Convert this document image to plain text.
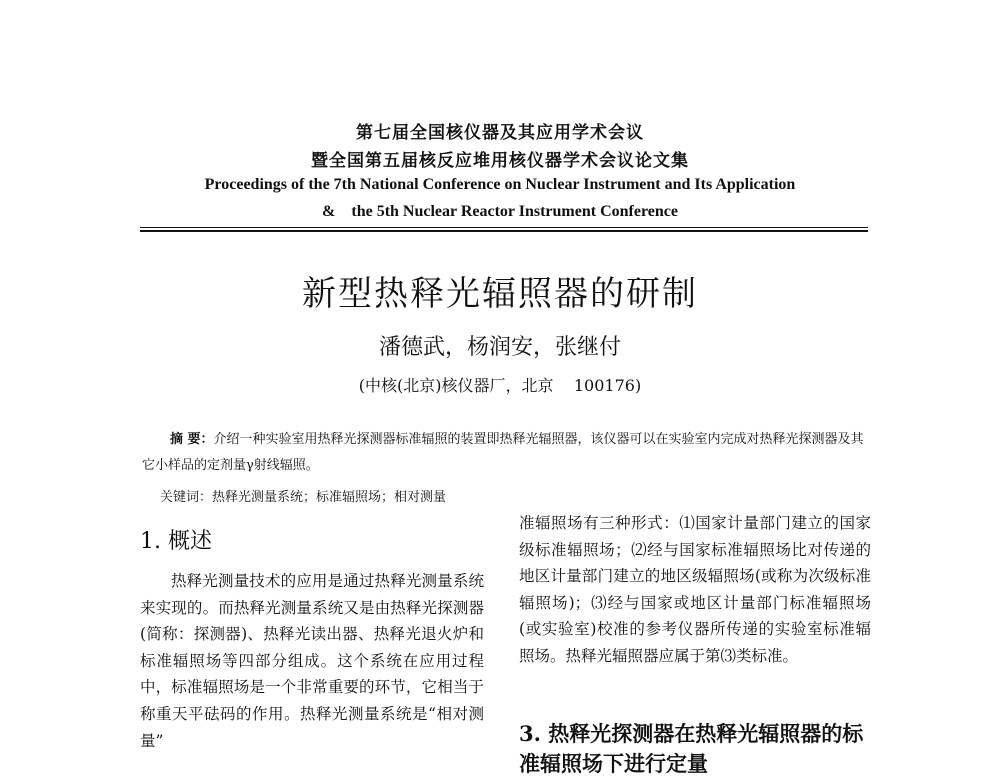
第七届全国核仪器及其应用学术会议
暨全国第五届核反应堆用核仪器学术会议论文集
Proceedings of the 7th National Conference on Nuclear Instrument and Its Application
&    the 5th Nuclear Reactor Instrument Conference
新型热释光辐照器的研制
潘德武，杨润安，张继付
(中核(北京)核仪器厂，北京    100176)
摘 要：介绍一种实验室用热释光探测器标准辐照的装置即热释光辐照器，该仪器可以在实验室内完成对热释光探测器及其它小样品的定剂量γ射线辐照。
关键词：热释光测量系统；标准辐照场；相对测量
1. 概述

热释光测量技术的应用是通过热释光测量系统来实现的。而热释光测量系统又是由热释光探测器(简称：探测器)、热释光读出器、热释光退火炉和标准辐照场等四部分组成。这个系统在应用过程中，标准辐照场是一个非常重要的环节，它相当于称重天平砝码的作用。热释光测量系统是“相对测量”

准辐照场有三种形式：⑴国家计量部门建立的国家级标准辐照场；⑵经与国家标准辐照场比对传递的地区计量部门建立的地区级辐照场(或称为次级标准辐照场)；⑶经与国家或地区计量部门标准辐照场(或实验室)校准的参考仪器所传递的实验室标准辐照场。热释光辐照器应属于第⑶类标准。

3. 热释光探测器在热释光辐照器的标准辐照场下进行定量
